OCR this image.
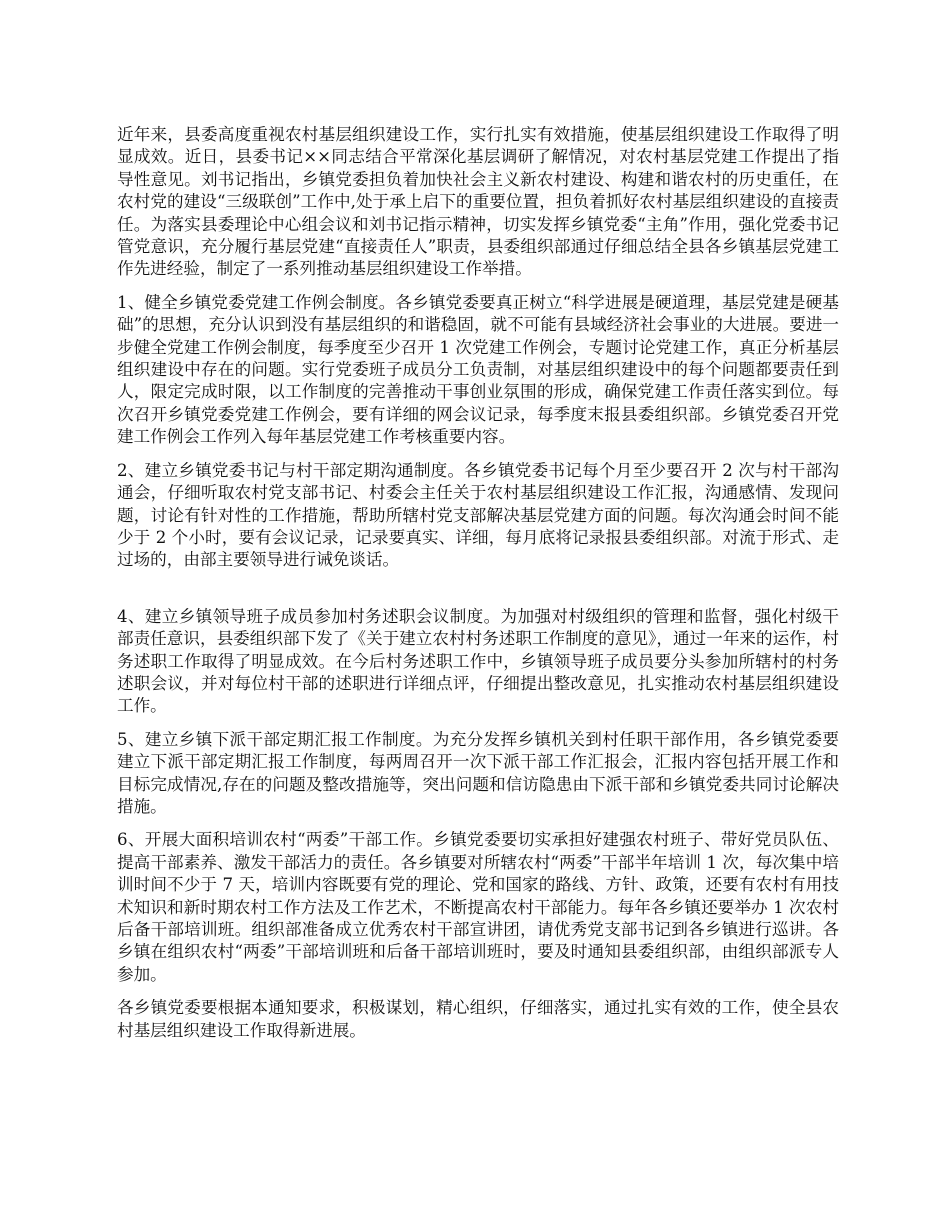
近年来，县委高度重视农村基层组织建设工作，实行扎实有效措施，使基层组织建设工作取得了明显成效。近日，县委书记××同志结合平常深化基层调研了解情况，对农村基层党建工作提出了指导性意见。刘书记指出，乡镇党委担负着加快社会主义新农村建设、构建和谐农村的历史重任，在农村党的建设“三级联创”工作中,处于承上启下的重要位置，担负着抓好农村基层组织建设的直接责任。为落实县委理论中心组会议和刘书记指示精神，切实发挥乡镇党委“主角”作用，强化党委书记管党意识，充分履行基层党建“直接责任人”职责，县委组织部通过仔细总结全县各乡镇基层党建工作先进经验，制定了一系列推动基层组织建设工作举措。

1、健全乡镇党委党建工作例会制度。各乡镇党委要真正树立“科学进展是硬道理，基层党建是硬基础”的思想，充分认识到没有基层组织的和谐稳固，就不可能有县域经济社会事业的大进展。要进一步健全党建工作例会制度，每季度至少召开 1 次党建工作例会，专题讨论党建工作，真正分析基层组织建设中存在的问题。实行党委班子成员分工负责制，对基层组织建设中的每个问题都要责任到人，限定完成时限，以工作制度的完善推动干事创业氛围的形成，确保党建工作责任落实到位。每次召开乡镇党委党建工作例会，要有详细的网会议记录，每季度末报县委组织部。乡镇党委召开党建工作例会工作列入每年基层党建工作考核重要内容。

2、建立乡镇党委书记与村干部定期沟通制度。各乡镇党委书记每个月至少要召开 2 次与村干部沟通会，仔细听取农村党支部书记、村委会主任关于农村基层组织建设工作汇报，沟通感情、发现问题，讨论有针对性的工作措施，帮助所辖村党支部解决基层党建方面的问题。每次沟通会时间不能少于 2 个小时，要有会议记录，记录要真实、详细，每月底将记录报县委组织部。对流于形式、走过场的，由部主要领导进行诫免谈话。

4、建立乡镇领导班子成员参加村务述职会议制度。为加强对村级组织的管理和监督，强化村级干部责任意识，县委组织部下发了《关于建立农村村务述职工作制度的意见》，通过一年来的运作，村务述职工作取得了明显成效。在今后村务述职工作中，乡镇领导班子成员要分头参加所辖村的村务述职会议，并对每位村干部的述职进行详细点评，仔细提出整改意见，扎实推动农村基层组织建设工作。

5、建立乡镇下派干部定期汇报工作制度。为充分发挥乡镇机关到村任职干部作用，各乡镇党委要建立下派干部定期汇报工作制度，每两周召开一次下派干部工作汇报会，汇报内容包括开展工作和目标完成情况,存在的问题及整改措施等，突出问题和信访隐患由下派干部和乡镇党委共同讨论解决措施。

6、开展大面积培训农村“两委”干部工作。乡镇党委要切实承担好建强农村班子、带好党员队伍、提高干部素养、激发干部活力的责任。各乡镇要对所辖农村“两委”干部半年培训 1 次，每次集中培训时间不少于 7 天，培训内容既要有党的理论、党和国家的路线、方针、政策，还要有农村有用技术知识和新时期农村工作方法及工作艺术，不断提高农村干部能力。每年各乡镇还要举办 1 次农村后备干部培训班。组织部准备成立优秀农村干部宣讲团，请优秀党支部书记到各乡镇进行巡讲。各乡镇在组织农村“两委”干部培训班和后备干部培训班时，要及时通知县委组织部，由组织部派专人参加。

各乡镇党委要根据本通知要求，积极谋划，精心组织，仔细落实，通过扎实有效的工作，使全县农村基层组织建设工作取得新进展。
